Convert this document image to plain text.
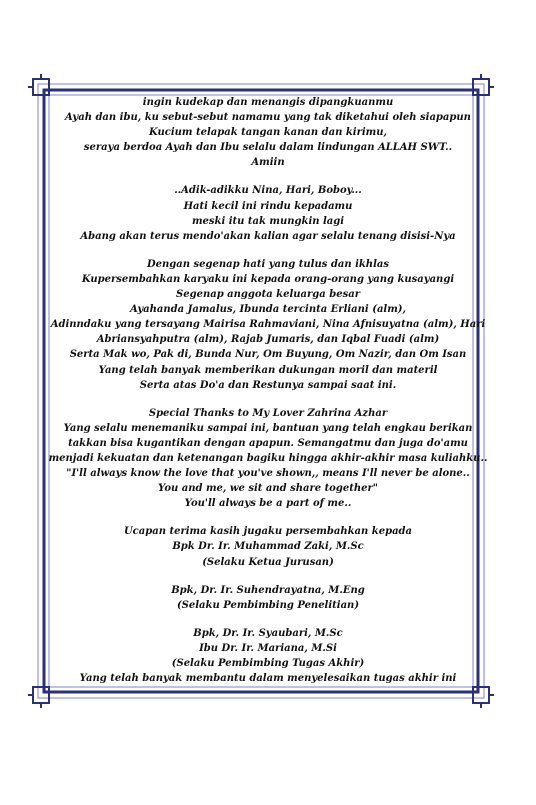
ingin kudekap dan menangis dipangkuanmu
Ayah dan ibu, ku sebut-sebut namamu yang tak diketahui oleh siapapun
Kucium telapak tangan kanan dan kirimu,
seraya berdoa Ayah dan Ibu selalu dalam lindungan ALLAH SWT..
Amiin

..Adik-adikku Nina, Hari, Boboy...
Hati kecil ini rindu kepadamu
meski itu tak mungkin lagi
Abang akan terus mendo'akan kalian agar selalu tenang disisi-Nya

Dengan segenap hati yang tulus dan ikhlas
Kupersembahkan karyaku ini kepada orang-orang yang kusayangi
Segenap anggota keluarga besar
Ayahanda Jamalus, Ibunda tercinta Erliani (alm),
Adinndaku yang tersayang Mairisa Rahmaviani, Nina Afnisuyatna (alm), Hari
Abriansyahputra (alm), Rajab Jumaris, dan Iqbal Fuadi (alm)
Serta Mak wo, Pak di, Bunda Nur, Om Buyung, Om Nazir, dan Om Isan
Yang telah banyak memberikan dukungan moril dan materil
Serta atas Do'a dan Restunya sampai saat ini.

Special Thanks to My Lover Zahrina Azhar
Yang selalu menemaniku sampai ini, bantuan yang telah engkau berikan
takkan bisa kugantikan dengan apapun. Semangatmu dan juga do'amu
menjadi kekuatan dan ketenangan bagiku hingga akhir-akhir masa kuliahku..
"I'll always know the love that you've shown,, means I'll never be alone..
You and me, we sit and share together"
You'll always be a part of me..

Ucapan terima kasih jugaku persembahkan kepada
Bpk Dr. Ir. Muhammad Zaki, M.Sc
(Selaku Ketua Jurusan)

Bpk, Dr. Ir. Suhendrayatna, M.Eng
(Selaku Pembimbing Penelitian)

Bpk, Dr. Ir. Syaubari, M.Sc
Ibu Dr. Ir. Mariana, M.Si
(Selaku Pembimbing Tugas Akhir)
Yang telah banyak membantu dalam menyelesaikan tugas akhir ini
